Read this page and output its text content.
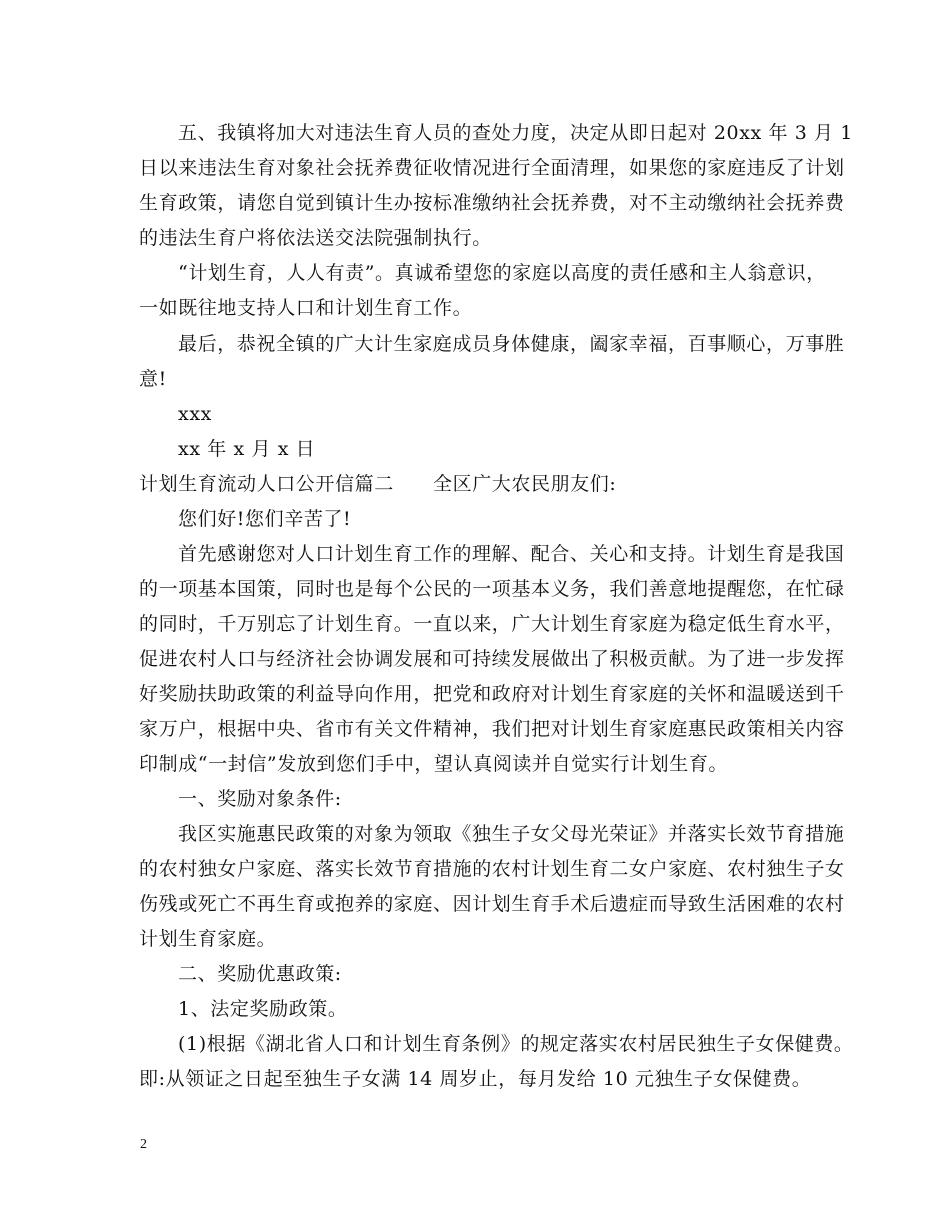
五、我镇将加大对违法生育人员的查处力度，决定从即日起对 20xx 年 3 月 1
日以来违法生育对象社会抚养费征收情况进行全面清理，如果您的家庭违反了计划
生育政策，请您自觉到镇计生办按标准缴纳社会抚养费，对不主动缴纳社会抚养费
的违法生育户将依法送交法院强制执行。
“计划生育，人人有责”。真诚希望您的家庭以高度的责任感和主人翁意识，
一如既往地支持人口和计划生育工作。
最后，恭祝全镇的广大计生家庭成员身体健康，阖家幸福，百事顺心，万事胜
意!
xxx
xx 年 x 月 x 日
计划生育流动人口公开信篇二　　全区广大农民朋友们:
您们好!您们辛苦了!
首先感谢您对人口计划生育工作的理解、配合、关心和支持。计划生育是我国
的一项基本国策，同时也是每个公民的一项基本义务，我们善意地提醒您，在忙碌
的同时，千万别忘了计划生育。一直以来，广大计划生育家庭为稳定低生育水平，
促进农村人口与经济社会协调发展和可持续发展做出了积极贡献。为了进一步发挥
好奖励扶助政策的利益导向作用，把党和政府对计划生育家庭的关怀和温暖送到千
家万户，根据中央、省市有关文件精神，我们把对计划生育家庭惠民政策相关内容
印制成“一封信”发放到您们手中，望认真阅读并自觉实行计划生育。
一、奖励对象条件:
我区实施惠民政策的对象为领取《独生子女父母光荣证》并落实长效节育措施
的农村独女户家庭、落实长效节育措施的农村计划生育二女户家庭、农村独生子女
伤残或死亡不再生育或抱养的家庭、因计划生育手术后遗症而导致生活困难的农村
计划生育家庭。
二、奖励优惠政策:
1、法定奖励政策。
(1)根据《湖北省人口和计划生育条例》的规定落实农村居民独生子女保健费。
即:从领证之日起至独生子女满 14 周岁止，每月发给 10 元独生子女保健费。
2
